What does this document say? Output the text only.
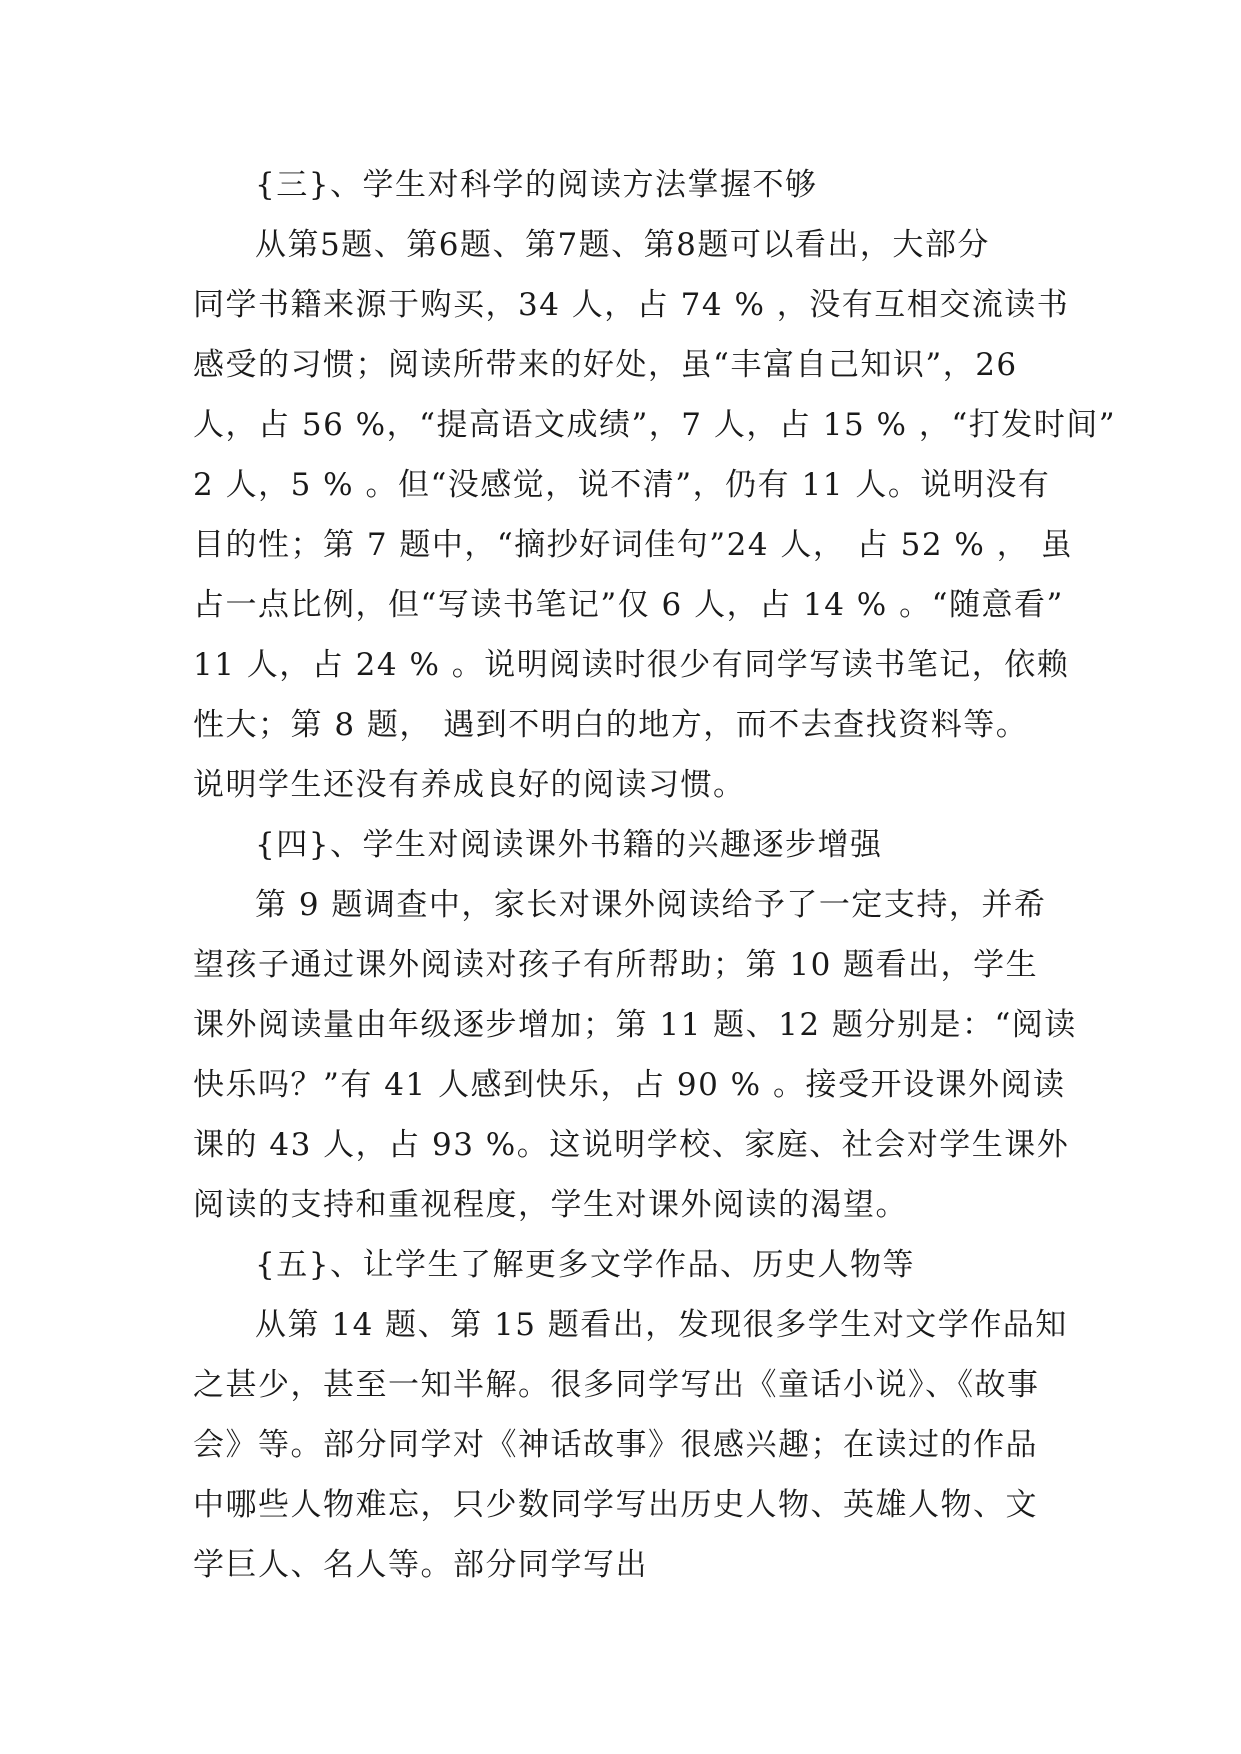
{三}、学生对科学的阅读方法掌握不够
从第5题、第6题、第7题、第8题可以看出，大部分
同学书籍来源于购买，34 人，占 74 % ，没有互相交流读书
感受的习惯；阅读所带来的好处，虽“丰富自己知识”，26
人，占 56 %，“提高语文成绩”，7 人，占 15 % ，“打发时间”
2 人，5 % 。但“没感觉，说不清”，仍有 11 人。说明没有
目的性；第 7 题中，“摘抄好词佳句”24 人， 占 52 % ， 虽
占一点比例，但“写读书笔记”仅 6 人，占 14 % 。“随意看”
11 人，占 24 % 。说明阅读时很少有同学写读书笔记，依赖
性大；第 8 题， 遇到不明白的地方，而不去查找资料等。
说明学生还没有养成良好的阅读习惯。
{四}、学生对阅读课外书籍的兴趣逐步增强
第 9 题调查中，家长对课外阅读给予了一定支持，并希
望孩子通过课外阅读对孩子有所帮助；第 10 题看出，学生
课外阅读量由年级逐步增加；第 11 题、12 题分别是：“阅读
快乐吗？”有 41 人感到快乐，占 90 % 。接受开设课外阅读
课的 43 人，占 93 %。这说明学校、家庭、社会对学生课外
阅读的支持和重视程度，学生对课外阅读的渴望。
{五}、让学生了解更多文学作品、历史人物等
从第 14 题、第 15 题看出，发现很多学生对文学作品知
之甚少，甚至一知半解。很多同学写出《童话小说》、《故事
会》等。部分同学对《神话故事》很感兴趣；在读过的作品
中哪些人物难忘，只少数同学写出历史人物、英雄人物、文
学巨人、名人等。部分同学写出
